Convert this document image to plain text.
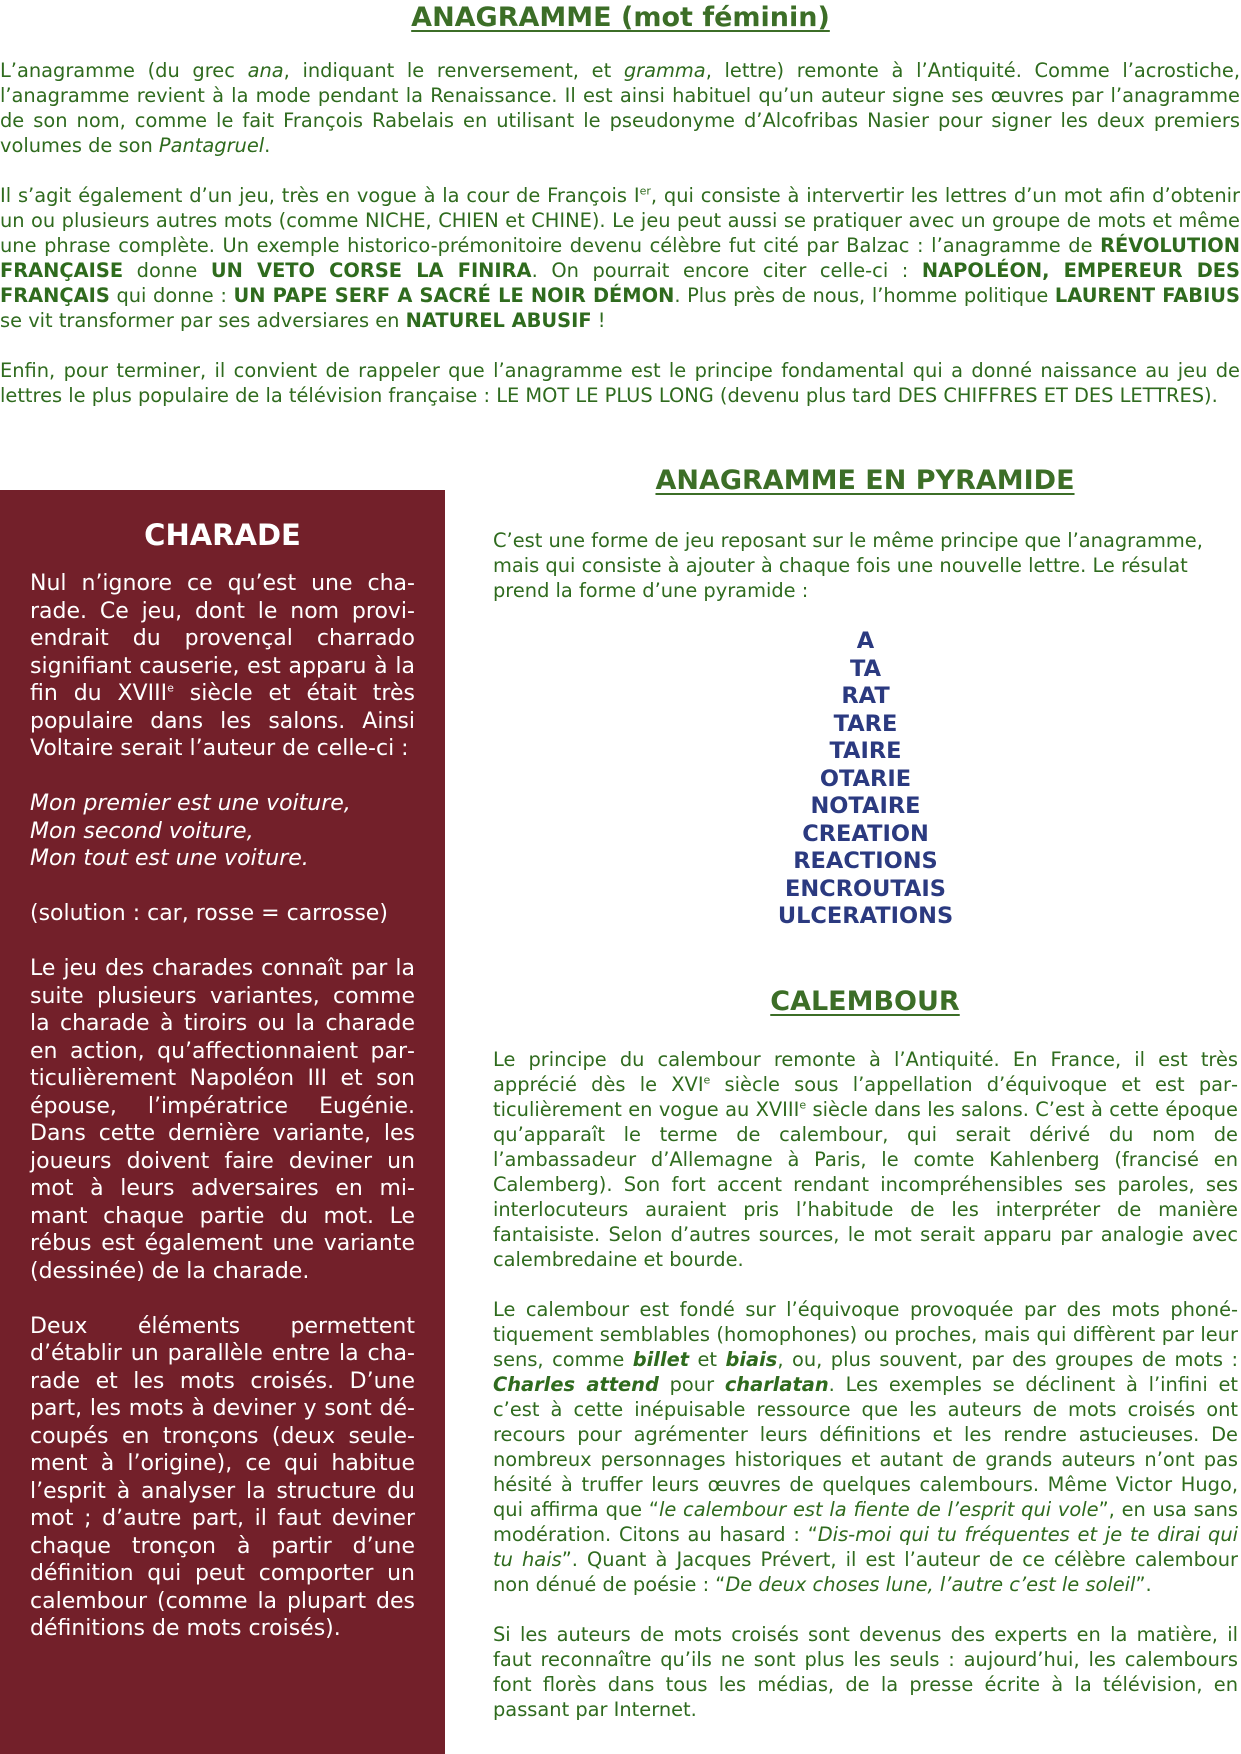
ANAGRAMME (mot féminin)

L’anagramme (du grec ana, indiquant le renversement, et gramma, lettre) remonte à l’Antiquité. Comme l’acrostiche, l’anagramme revient à la mode pendant la Renaissance. Il est ainsi habituel qu’un auteur signe ses œuvres par l’anagramme de son nom, comme le fait François Rabelais en utilisant le pseudonyme d’Alcofribas Nasier pour signer les deux premiers volumes de son Pantagruel.

Il s’agit également d’un jeu, très en vogue à la cour de François Ier, qui consiste à intervertir les lettres d’un mot afin d’obtenir un ou plusieurs autres mots (comme NICHE, CHIEN et CHINE). Le jeu peut aussi se pratiquer avec un groupe de mots et même une phrase complète. Un exemple historico-prémonitoire devenu célèbre fut cité par Balzac : l’anagramme de RÉVOLUTION FRANÇAISE donne UN VETO CORSE LA FINIRA. On pourrait encore citer celle-ci : NAPOLÉON, EMPEREUR DES FRANÇAIS qui donne : UN PAPE SERF A SACRÉ LE NOIR DÉMON. Plus près de nous, l’homme politique LAURENT FABIUS se vit transformer par ses adversiares en NATUREL ABUSIF !

Enfin, pour terminer, il convient de rappeler que l’anagramme est le principe fondamental qui a donné naissance au jeu de lettres le plus populaire de la télévision française : LE MOT LE PLUS LONG (devenu plus tard DES CHIFFRES ET DES LETTRES).

CHARADE

Nul n’ignore ce qu’est une charade. Ce jeu, dont le nom proviendrait du provençal charrado signifiant causerie, est apparu à la fin du XVIIIe siècle et était très populaire dans les salons. Ainsi Voltaire serait l’auteur de celle-ci :

Mon premier est une voiture,
Mon second voiture,
Mon tout est une voiture.

(solution : car, rosse = carrosse)

Le jeu des charades connaît par la suite plusieurs variantes, comme la charade à tiroirs ou la charade en action, qu’affectionnaient particulièrement Napoléon III et son épouse, l’impératrice Eugénie. Dans cette dernière variante, les joueurs doivent faire deviner un mot à leurs adversaires en mimant chaque partie du mot. Le rébus est également une variante (dessinée) de la charade.

Deux éléments permettent d’établir un parallèle entre la charade et les mots croisés. D’une part, les mots à deviner y sont découpés en tronçons (deux seulement à l’origine), ce qui habitue l’esprit à analyser la structure du mot ; d’autre part, il faut deviner chaque tronçon à partir d’une définition qui peut comporter un calembour (comme la plupart des définitions de mots croisés).

ANAGRAMME EN PYRAMIDE

C’est une forme de jeu reposant sur le même principe que l’anagramme, mais qui consiste à ajouter à chaque fois une nouvelle lettre. Le résulat prend la forme d’une pyramide :

A
TA
RAT
TARE
TAIRE
OTARIE
NOTAIRE
CREATION
REACTIONS
ENCROUTAIS
ULCERATIONS
CALEMBOUR

Le principe du calembour remonte à l’Antiquité. En France, il est très apprécié dès le XVIe siècle sous l’appellation d’équivoque et est particulièrement en vogue au XVIIIe siècle dans les salons. C’est à cette époque qu’apparaît le terme de calembour, qui serait dérivé du nom de l’ambassadeur d’Allemagne à Paris, le comte Kahlenberg (francisé en Calemberg). Son fort accent rendant incompréhensibles ses paroles, ses interlocuteurs auraient pris l’habitude de les interpréter de manière fantaisiste. Selon d’autres sources, le mot serait apparu par analogie avec calembredaine et bourde.

Le calembour est fondé sur l’équivoque provoquée par des mots phonétiquement semblables (homophones) ou proches, mais qui diffèrent par leur sens, comme billet et biais, ou, plus souvent, par des groupes de mots : Charles attend pour charlatan. Les exemples se déclinent à l’infini et c’est à cette inépuisable ressource que les auteurs de mots croisés ont recours pour agrémenter leurs définitions et les rendre astucieuses. De nombreux personnages historiques et autant de grands auteurs n’ont pas hésité à truffer leurs œuvres de quelques calembours. Même Victor Hugo, qui affirma que “le calembour est la fiente de l’esprit qui vole”, en usa sans modération. Citons au hasard : “Dis-moi qui tu fréquentes et je te dirai qui tu hais”. Quant à Jacques Prévert, il est l’auteur de ce célèbre calembour non dénué de poésie : “De deux choses lune, l’autre c’est le soleil”.

Si les auteurs de mots croisés sont devenus des experts en la matière, il faut reconnaître qu’ils ne sont plus les seuls : aujourd’hui, les calembours font florès dans tous les médias, de la presse écrite à la télévision, en passant par Internet.
